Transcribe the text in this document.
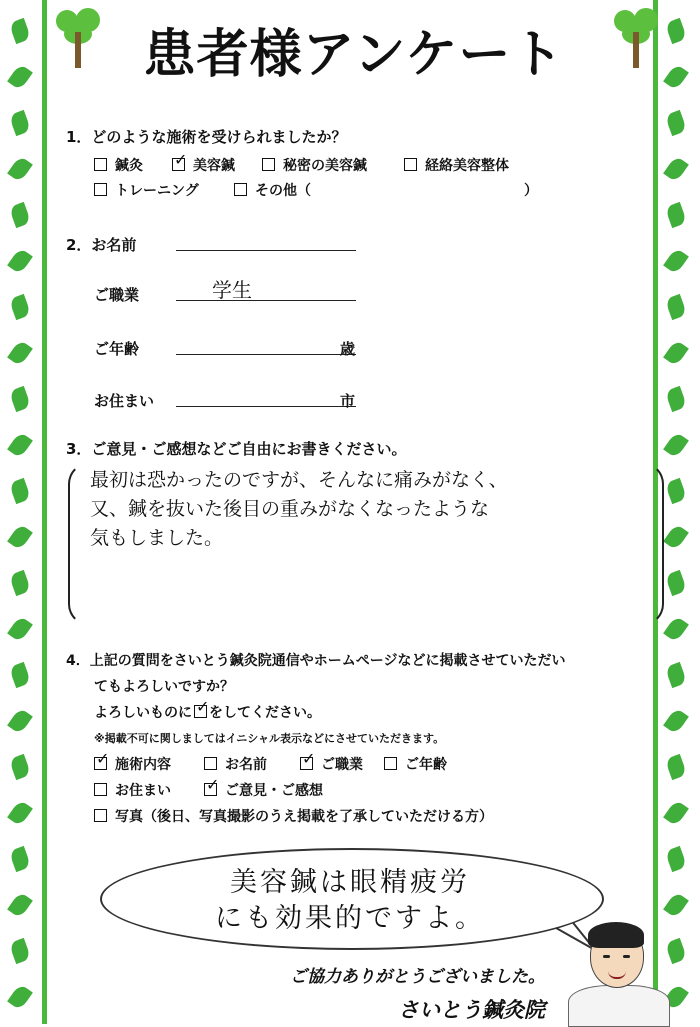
患者様アンケート
1．どのような施術を受けられましたか？
鍼灸 ✓	美容鍼	秘密の美容鍼	経絡美容整体
トレーニング	その他（	）
2．お名前
ご職業	学生
ご年齢	歳
お住まい	市
3．ご意見・ご感想などご自由にお書きください。
最初は恐かったのですが、そんなに痛みがなく、
又、鍼を抜いた後目の重みがなくなったような
気もしました。
4．上記の質問をさいとう鍼灸院通信やホームページなどに掲載させていただい
てもよろしいですか？
よろしいものに ✓ をしてください。
※掲載不可に関しましてはイニシャル表示などにさせていただきます。
✓施術内容	お名前 ✓	ご職業	ご年齢
お住まい ✓	ご意見・ご感想
写真（後日、写真撮影のうえ掲載を了承していただける方）
美容鍼は眼精疲労
にも効果的ですよ。
ご協力ありがとうございました。
さいとう鍼灸院
